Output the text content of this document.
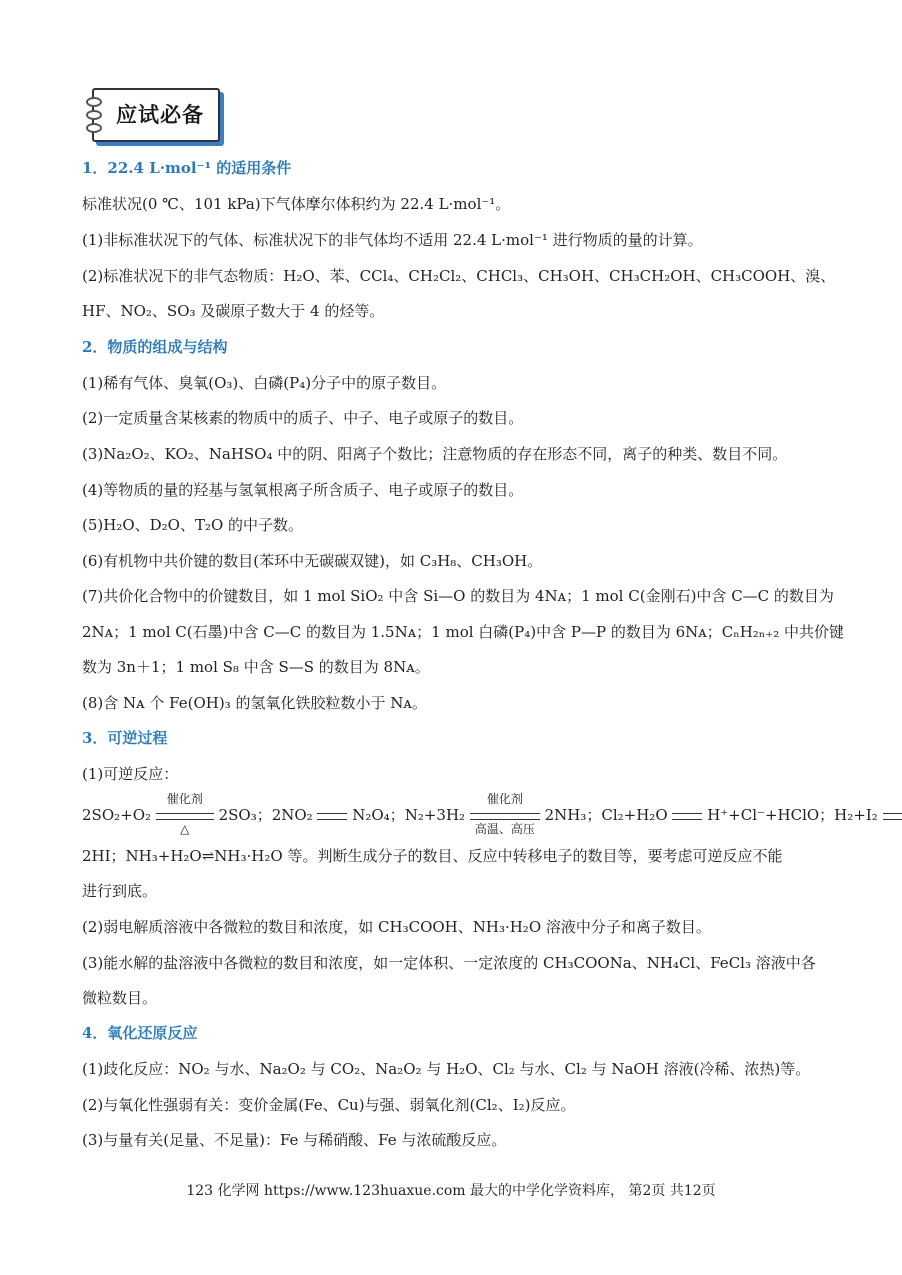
应试必备
1．22.4 L·mol⁻¹ 的适用条件
标准状况(0 ℃、101 kPa)下气体摩尔体积约为 22.4 L·mol⁻¹。
(1)非标准状况下的气体、标准状况下的非气体均不适用 22.4 L·mol⁻¹ 进行物质的量的计算。
(2)标准状况下的非气态物质：H₂O、苯、CCl₄、CH₂Cl₂、CHCl₃、CH₃OH、CH₃CH₂OH、CH₃COOH、溴、
HF、NO₂、SO₃ 及碳原子数大于 4 的烃等。
2．物质的组成与结构
(1)稀有气体、臭氧(O₃)、白磷(P₄)分子中的原子数目。
(2)一定质量含某核素的物质中的质子、中子、电子或原子的数目。
(3)Na₂O₂、KO₂、NaHSO₄ 中的阴、阳离子个数比；注意物质的存在形态不同，离子的种类、数目不同。
(4)等物质的量的羟基与氢氧根离子所含质子、电子或原子的数目。
(5)H₂O、D₂O、T₂O 的中子数。
(6)有机物中共价键的数目(苯环中无碳碳双键)，如 C₃H₈、CH₃OH。
(7)共价化合物中的价键数目，如 1 mol SiO₂ 中含 Si—O 的数目为 4Nᴀ；1 mol C(金刚石)中含 C—C 的数目为
2Nᴀ；1 mol C(石墨)中含 C—C 的数目为 1.5Nᴀ；1 mol 白磷(P₄)中含 P—P 的数目为 6Nᴀ；CₙH₂ₙ₊₂ 中共价键
数为 3n＋1；1 mol S₈ 中含 S—S 的数目为 8Nᴀ。
(8)含 Nᴀ 个 Fe(OH)₃ 的氢氧化铁胶粒数小于 Nᴀ。
3．可逆过程
(1)可逆反应：
2SO₂+O₂
催化剂
△
2SO₃；2NO₂	N₂O₄；N₂+3H₂
催化剂
高温、高压
2NH₃；Cl₂+H₂O	H⁺+Cl⁻+HClO；H₂+I₂
2HI；NH₃+H₂O⇌NH₃·H₂O 等。判断生成分子的数目、反应中转移电子的数目等，要考虑可逆反应不能
进行到底。
(2)弱电解质溶液中各微粒的数目和浓度，如 CH₃COOH、NH₃·H₂O 溶液中分子和离子数目。
(3)能水解的盐溶液中各微粒的数目和浓度，如一定体积、一定浓度的 CH₃COONa、NH₄Cl、FeCl₃ 溶液中各
微粒数目。
4．氧化还原反应
(1)歧化反应：NO₂ 与水、Na₂O₂ 与 CO₂、Na₂O₂ 与 H₂O、Cl₂ 与水、Cl₂ 与 NaOH 溶液(冷稀、浓热)等。
(2)与氧化性强弱有关：变价金属(Fe、Cu)与强、弱氧化剂(Cl₂、I₂)反应。
(3)与量有关(足量、不足量)：Fe 与稀硝酸、Fe 与浓硫酸反应。
123 化学网 https://www.123huaxue.com 最大的中学化学资料库， 第2页 共12页
